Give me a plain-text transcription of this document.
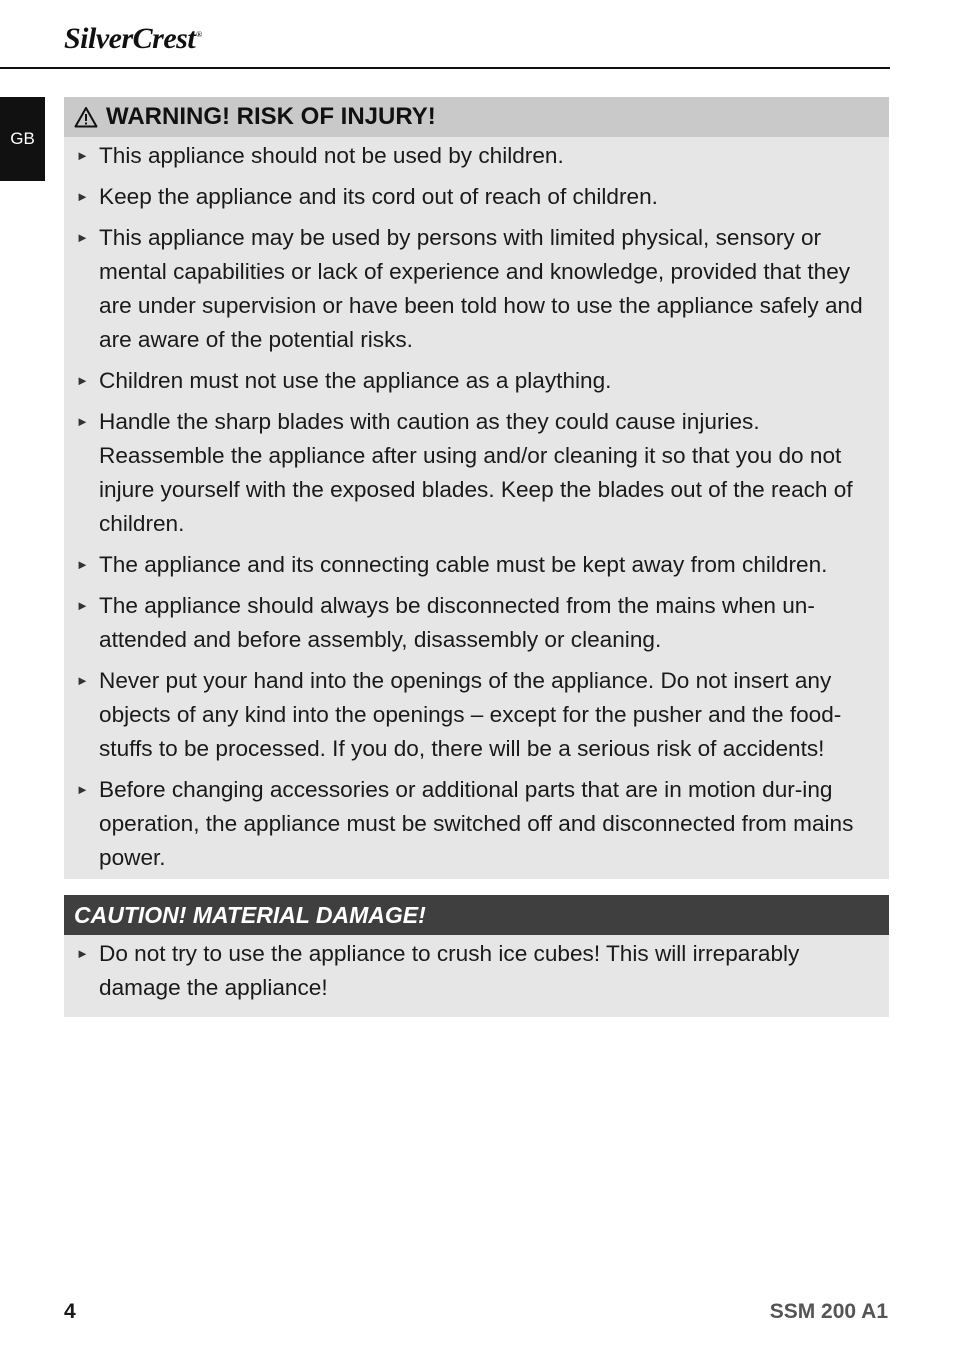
SilverCrest®
GB
WARNING! RISK OF INJURY!
► This appliance should not be used by children.
► Keep the appliance and its cord out of reach of children.
► This appliance may be used by persons with limited physical, sensory or mental capabilities or lack of experience and knowledge, provided that they are under supervision or have been told how to use the appliance safely and are aware of the potential risks.
► Children must not use the appliance as a plaything.
► Handle the sharp blades with caution as they could cause injuries. Reassemble the appliance after using and/or cleaning it so that you do not injure yourself with the exposed blades. Keep the blades out of the reach of children.
► The appliance and its connecting cable must be kept away from children.
► The appliance should always be disconnected from the mains when un-attended and before assembly, disassembly or cleaning.
► Never put your hand into the openings of the appliance. Do not insert any objects of any kind into the openings – except for the pusher and the food-stuffs to be processed. If you do, there will be a serious risk of accidents!
► Before changing accessories or additional parts that are in motion dur-ing operation, the appliance must be switched off and disconnected from mains power.
CAUTION! MATERIAL DAMAGE!
► Do not try to use the appliance to crush ice cubes! This will irreparably damage the appliance!
4	SSM 200 A1
